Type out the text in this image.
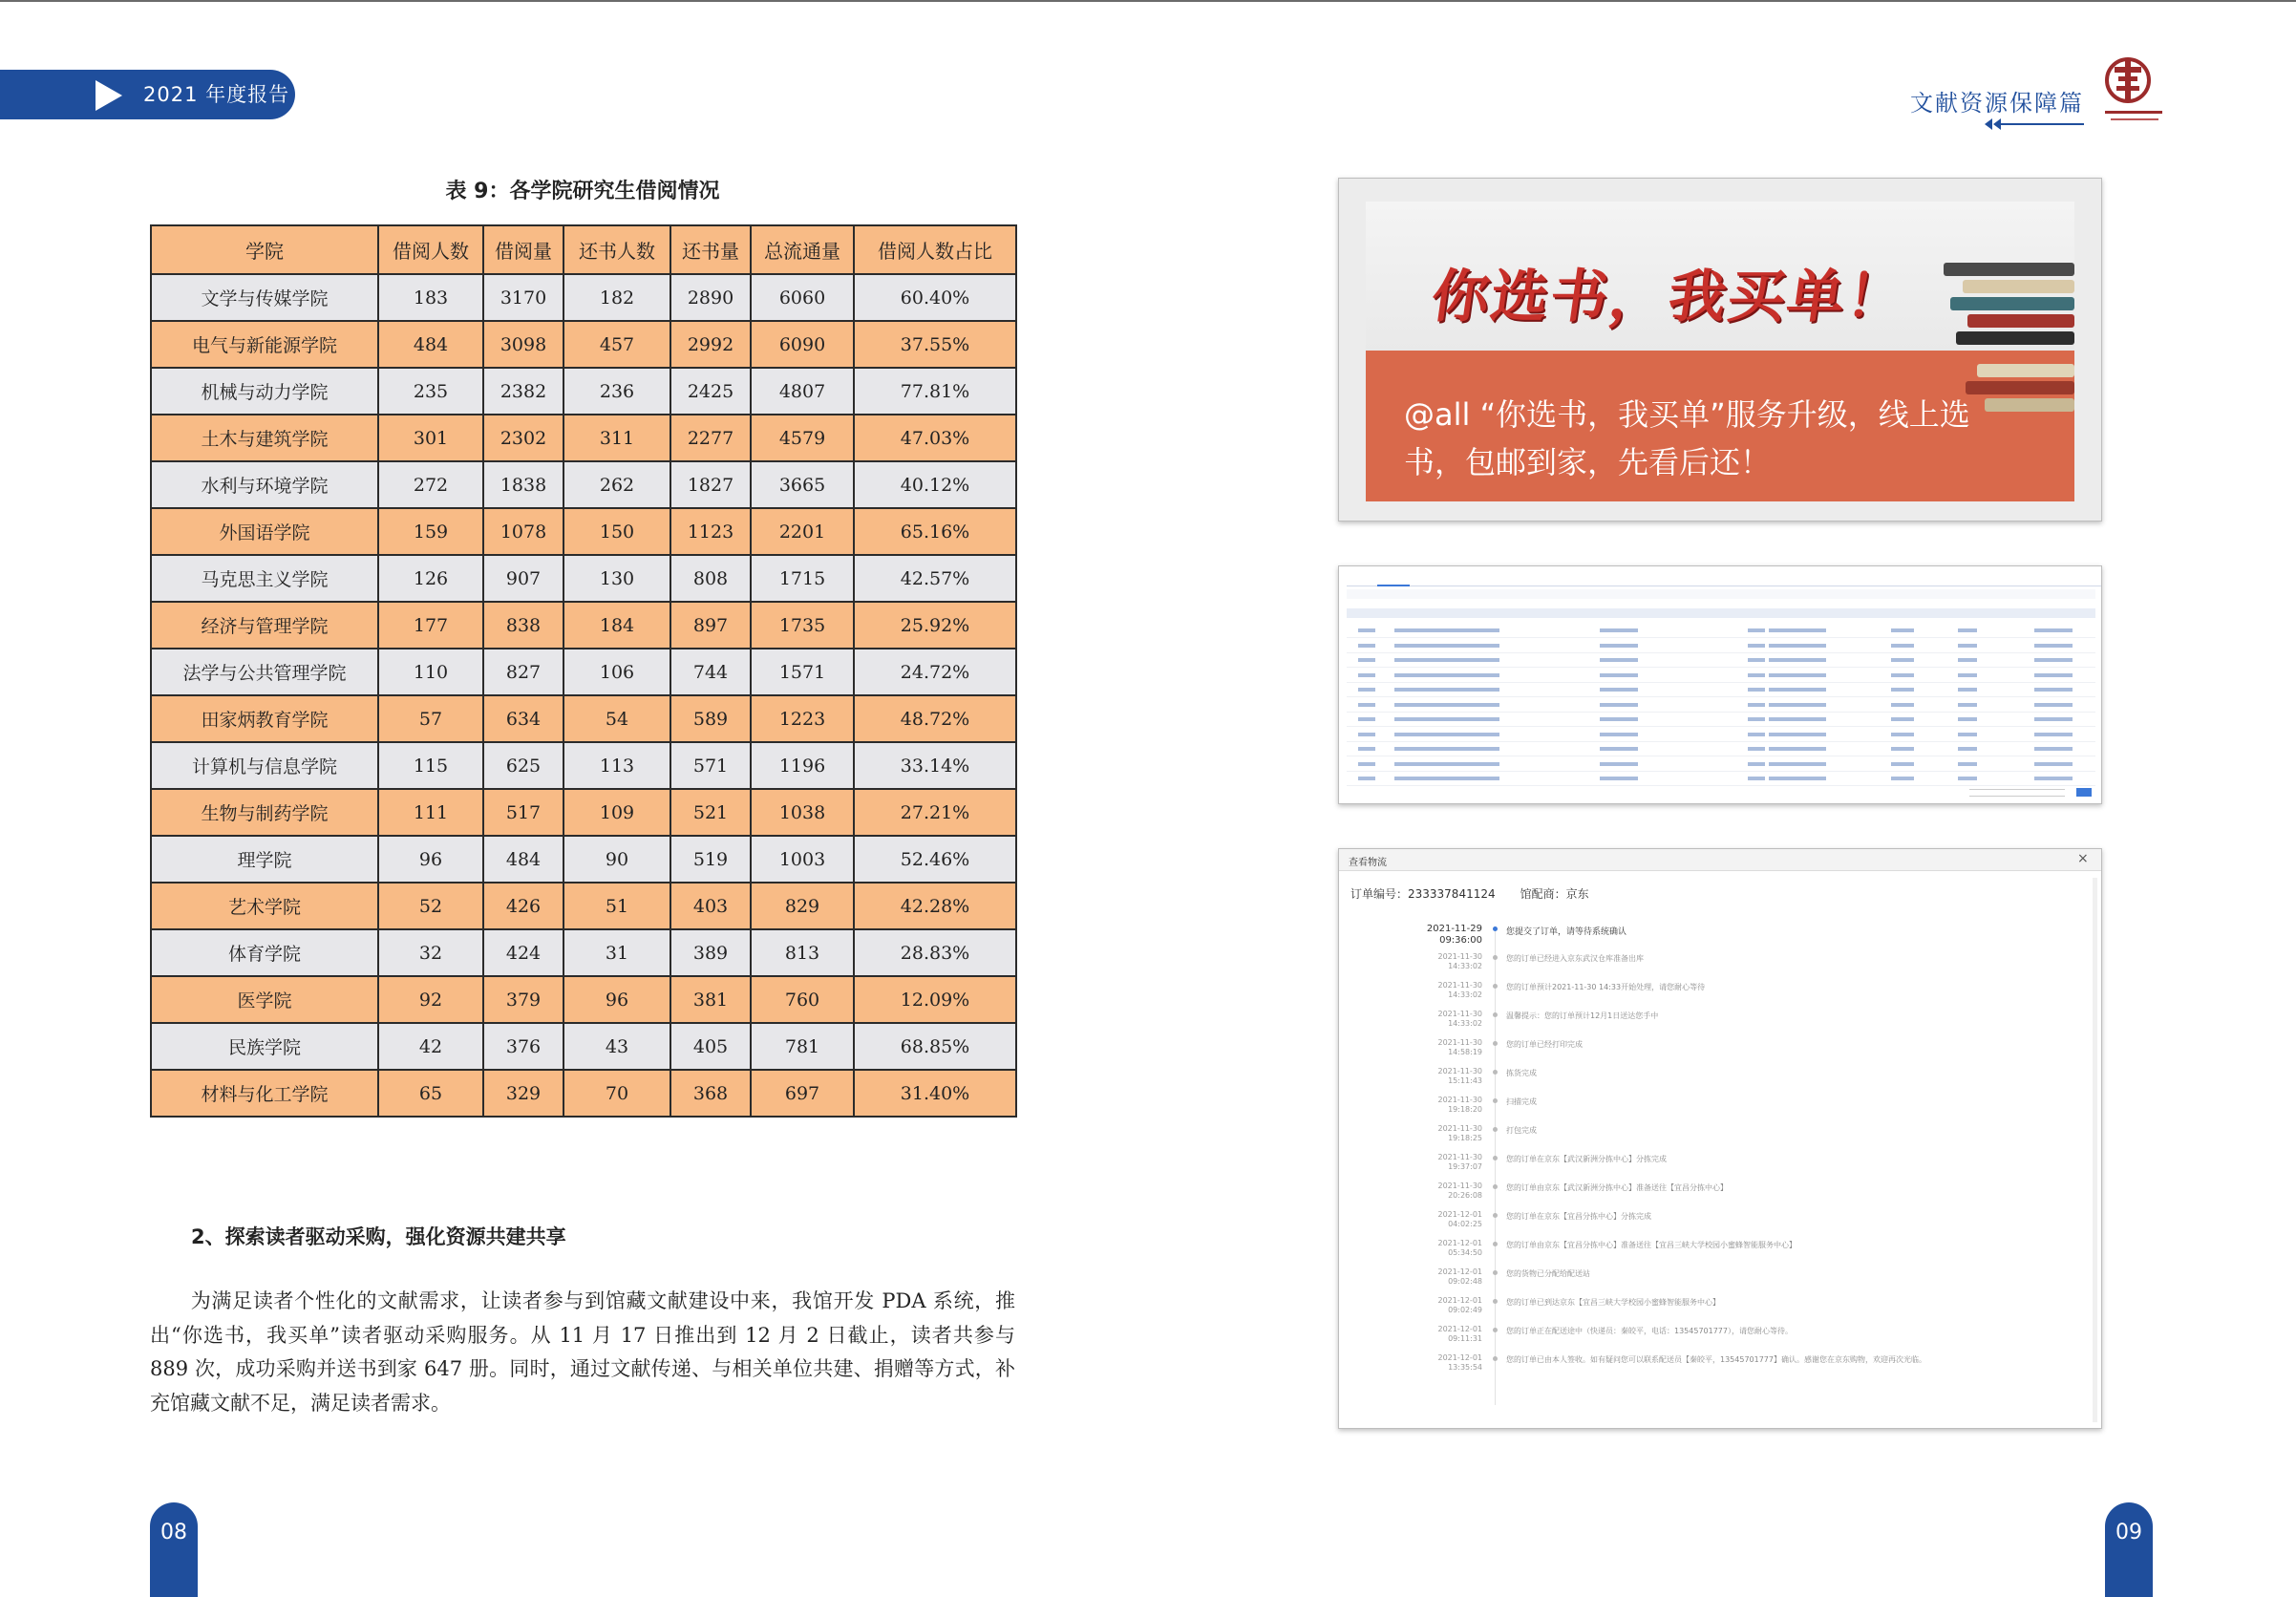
2021 年度报告	文献资源保障篇
表 9：各学院研究生借阅情况
学院	借阅人数	借阅量	还书人数	还书量	总流通量	借阅人数占比
文学与传媒学院	183	3170	182	2890	6060	60.40%
电气与新能源学院	484	3098	457	2992	6090	37.55%
机械与动力学院	235	2382	236	2425	4807	77.81%
土木与建筑学院	301	2302	311	2277	4579	47.03%
水利与环境学院	272	1838	262	1827	3665	40.12%
外国语学院	159	1078	150	1123	2201	65.16%
马克思主义学院	126	907	130	808	1715	42.57%
经济与管理学院	177	838	184	897	1735	25.92%
法学与公共管理学院	110	827	106	744	1571	24.72%
田家炳教育学院	57	634	54	589	1223	48.72%
计算机与信息学院	115	625	113	571	1196	33.14%
生物与制药学院	111	517	109	521	1038	27.21%
理学院	96	484	90	519	1003	52.46%
艺术学院	52	426	51	403	829	42.28%
体育学院	32	424	31	389	813	28.83%
医学院	92	379	96	381	760	12.09%
民族学院	42	376	43	405	781	68.85%
材料与化工学院	65	329	70	368	697	31.40%
2、探索读者驱动采购，强化资源共建共享
为满足读者个性化的文献需求，让读者参与到馆藏文献建设中来，我馆开发 PDA 系统，推出“你选书，我买单”读者驱动采购服务。从 11 月 17 日推出到 12 月 2 日截止，读者共参与 889 次，成功采购并送书到家 647 册。同时，通过文献传递、与相关单位共建、捐赠等方式，补充馆藏文献不足，满足读者需求。
08	09
你选书，我买单！
@all “你选书，我买单”服务升级，线上选书，包邮到家，先看后还！
查看物流	×
订单编号：233337841124 馆配商：京东
2021-11-29
09:36:00
您提交了订单，请等待系统确认
2021-11-30
14:33:02
您的订单已经进入京东武汉仓库准备出库
2021-11-30
14:33:02
您的订单预计2021-11-30 14:33开始处理，请您耐心等待
2021-11-30
14:33:02
温馨提示：您的订单预计12月1日送达您手中
2021-11-30
14:58:19
您的订单已经打印完成
2021-11-30
15:11:43
拣货完成
2021-11-30
19:18:20
扫描完成
2021-11-30
19:18:25
打包完成
2021-11-30
19:37:07
您的订单在京东【武汉新洲分拣中心】分拣完成
2021-11-30
20:26:08
您的订单由京东【武汉新洲分拣中心】准备送往【宜昌分拣中心】
2021-12-01
04:02:25
您的订单在京东【宜昌分拣中心】分拣完成
2021-12-01
05:34:50
您的订单由京东【宜昌分拣中心】准备送往【宜昌三峡大学校园小蜜蜂智能服务中心】
2021-12-01
09:02:48
您的货物已分配给配送站
2021-12-01
09:02:49
您的订单已到达京东【宜昌三峡大学校园小蜜蜂智能服务中心】
2021-12-01
09:11:31
您的订单正在配送途中（快递员：秦皎平，电话：13545701777），请您耐心等待。
2021-12-01
13:35:54
您的订单已由本人签收。如有疑问您可以联系配送员【秦皎平，13545701777】确认。感谢您在京东购物，欢迎再次光临。
